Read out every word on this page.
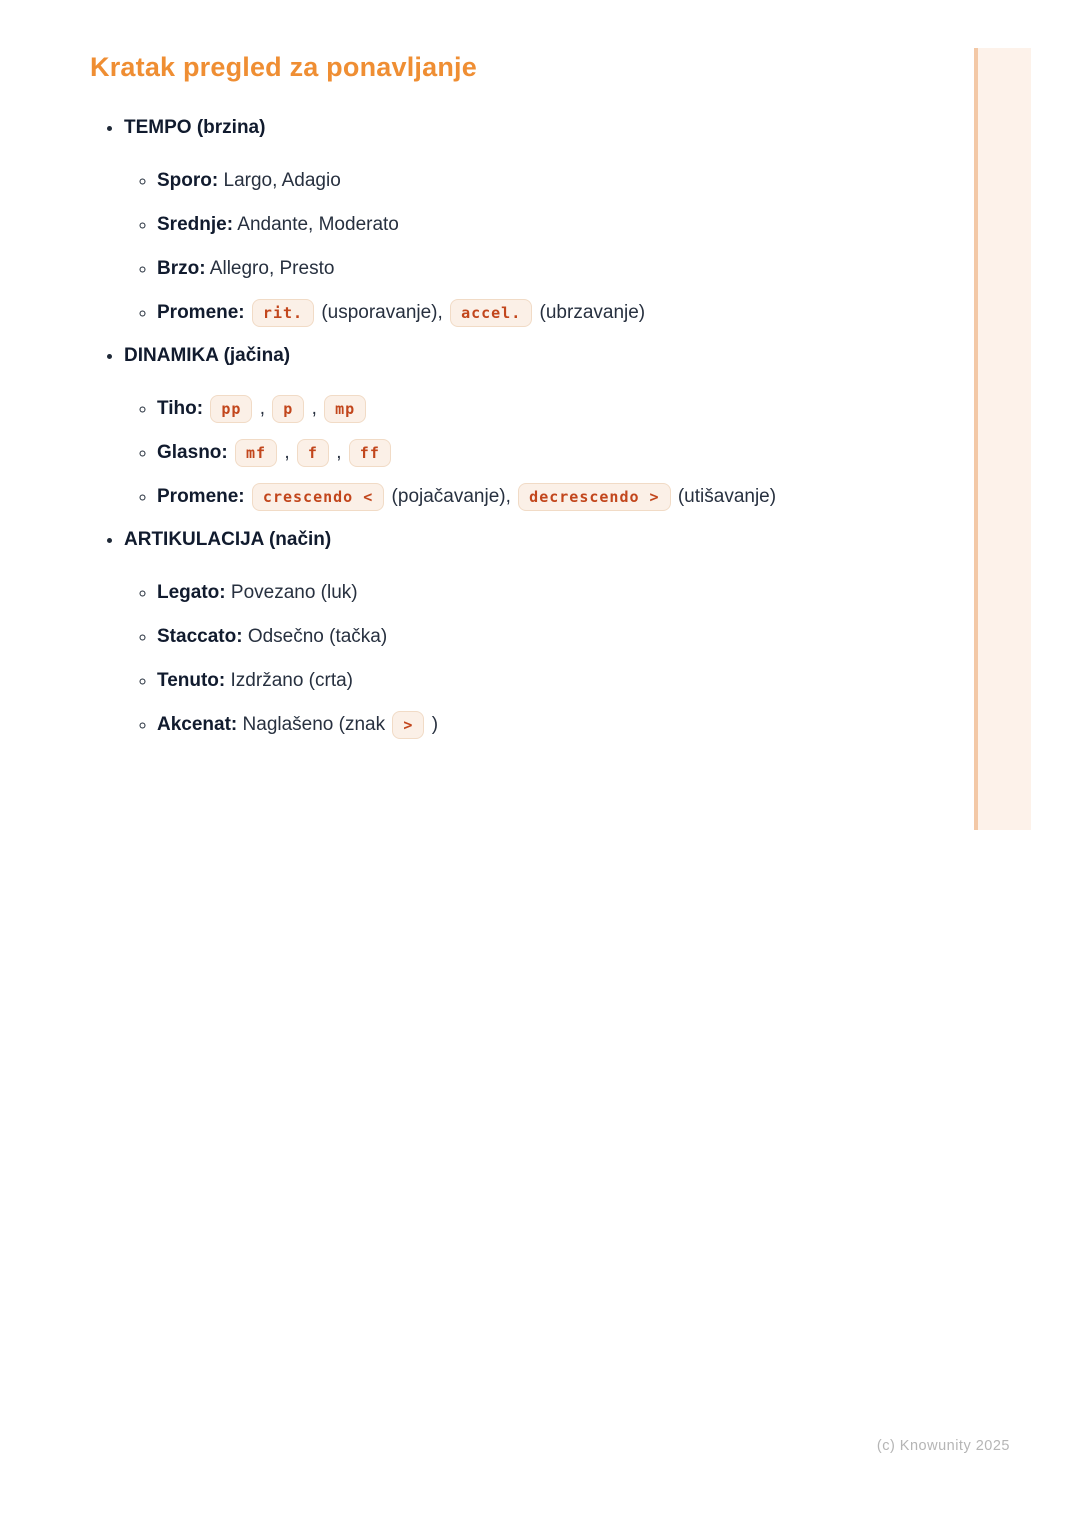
Kratak pregled za ponavljanje
• TEMPO (brzina)
◦ Sporo: Largo, Adagio
◦ Srednje: Andante, Moderato
◦ Brzo: Allegro, Presto
◦ Promene: rit. (usporavanje), accel. (ubrzavanje)
• DINAMIKA (jačina)
◦ Tiho: pp , p , mp
◦ Glasno: mf , f , ff
◦ Promene: crescendo < (pojačavanje), decrescendo > (utišavanje)
• ARTIKULACIJA (način)
◦ Legato: Povezano (luk)
◦ Staccato: Odsečno (tačka)
◦ Tenuto: Izdržano (crta)
◦ Akcenat: Naglašeno (znak > )
(c) Knowunity 2025
